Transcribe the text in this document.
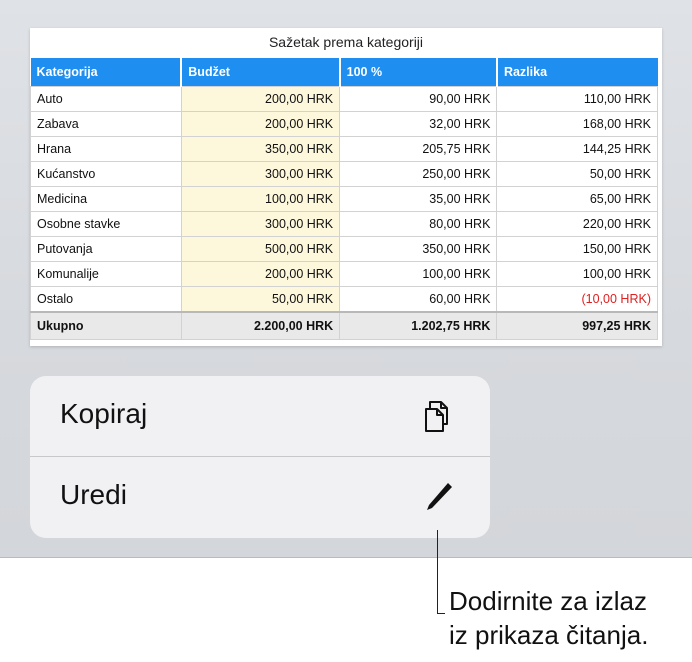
Sažetak prema kategoriji
Kategorija	Budžet	100 %	Razlika
Auto	200,00 HRK	90,00 HRK	110,00 HRK
Zabava	200,00 HRK	32,00 HRK	168,00 HRK
Hrana	350,00 HRK	205,75 HRK	144,25 HRK
Kućanstvo	300,00 HRK	250,00 HRK	50,00 HRK
Medicina	100,00 HRK	35,00 HRK	65,00 HRK
Osobne stavke	300,00 HRK	80,00 HRK	220,00 HRK
Putovanja	500,00 HRK	350,00 HRK	150,00 HRK
Komunalije	200,00 HRK	100,00 HRK	100,00 HRK
Ostalo	50,00 HRK	60,00 HRK	(10,00 HRK)
Ukupno	2.200,00 HRK	1.202,75 HRK	997,25 HRK
Kopiraj
Uredi
Dodirnite za izlaz
iz prikaza čitanja.
